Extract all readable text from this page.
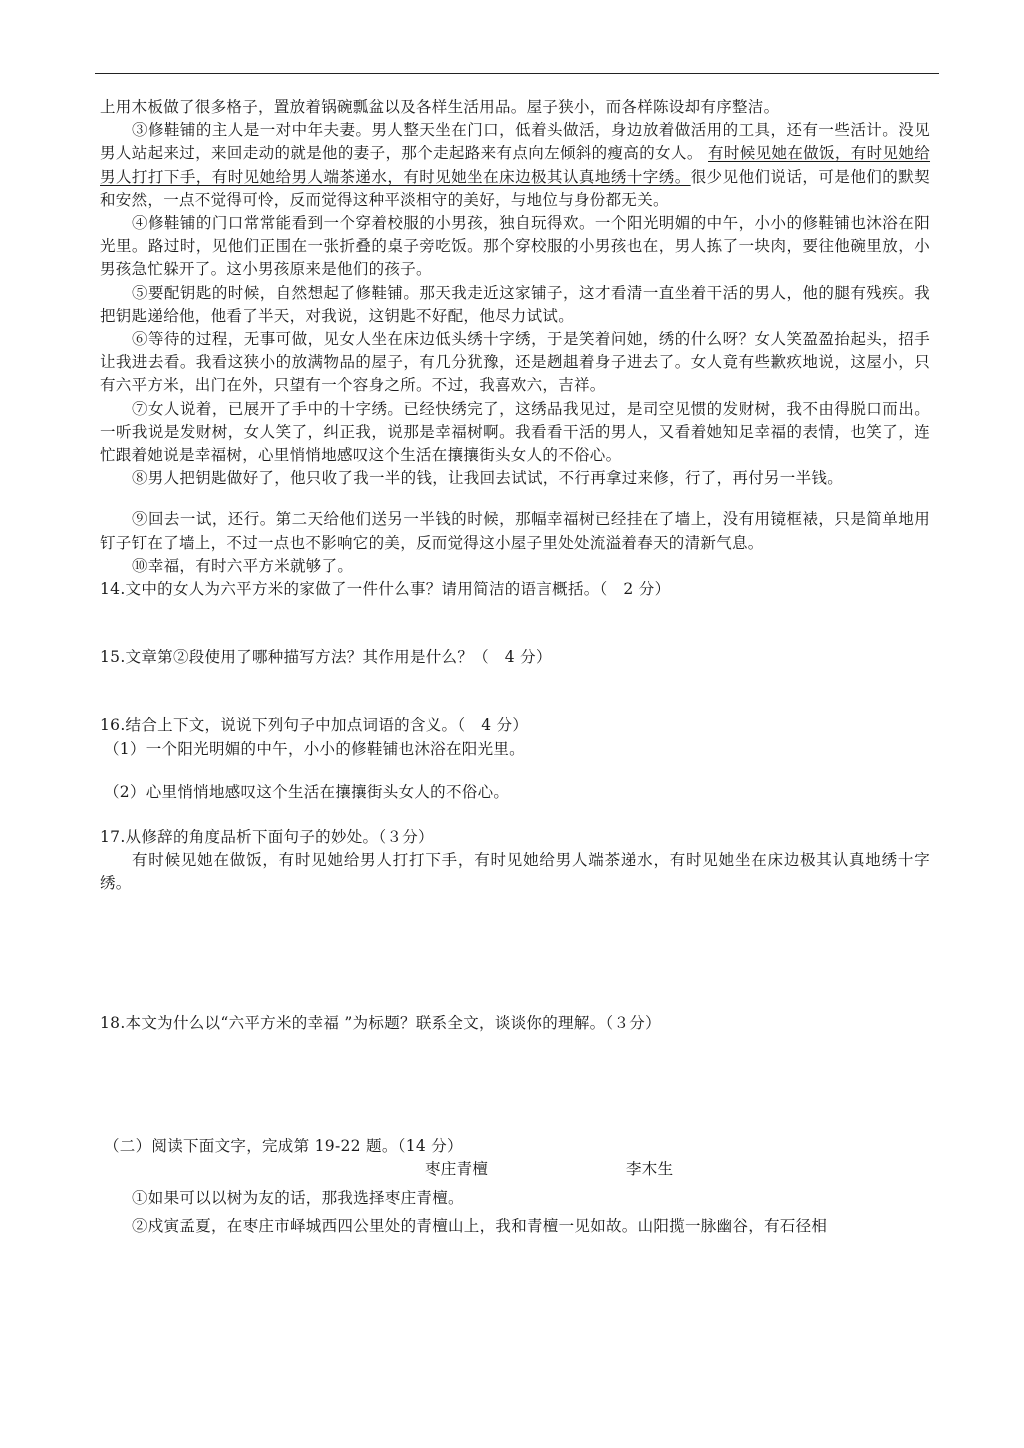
上用木板做了很多格子，置放着锅碗瓢盆以及各样生活用品。屋子狭小，而各样陈设却有序整洁。

③修鞋铺的主人是一对中年夫妻。男人整天坐在门口，低着头做活，身边放着做活用的工具，还有一些活计。没见男人站起来过，来回走动的就是他的妻子，那个走起路来有点向左倾斜的瘦高的女人。 有时候见她在做饭，有时见她给男人打打下手，有时见她给男人端茶递水，有时见她坐在床边极其认真地绣十字绣。很少见他们说话，可是他们的默契和安然，一点不觉得可怜，反而觉得这种平淡相守的美好，与地位与身份都无关。

④修鞋铺的门口常常能看到一个穿着校服的小男孩，独自玩得欢。一个阳光明媚的中午，小小的修鞋铺也沐浴在阳光里。路过时，见他们正围在一张折叠的桌子旁吃饭。那个穿校服的小男孩也在，男人拣了一块肉，要往他碗里放，小男孩急忙躲开了。这小男孩原来是他们的孩子。

⑤要配钥匙的时候，自然想起了修鞋铺。那天我走近这家铺子，这才看清一直坐着干活的男人，他的腿有残疾。我把钥匙递给他，他看了半天，对我说，这钥匙不好配，他尽力试试。

⑥等待的过程，无事可做，见女人坐在床边低头绣十字绣，于是笑着问她，绣的什么呀？女人笑盈盈抬起头，招手让我进去看。我看这狭小的放满物品的屋子，有几分犹豫，还是趔趄着身子进去了。女人竟有些歉疚地说，这屋小，只有六平方米，出门在外，只望有一个容身之所。不过，我喜欢六，吉祥。

⑦女人说着，已展开了手中的十字绣。已经快绣完了，这绣品我见过，是司空见惯的发财树，我不由得脱口而出。一听我说是发财树，女人笑了，纠正我，说那是幸福树啊。我看看干活的男人，又看着她知足幸福的表情，也笑了，连忙跟着她说是幸福树，心里悄悄地感叹这个生活在攘攘街头女人的不俗心。

⑧男人把钥匙做好了，他只收了我一半的钱，让我回去试试，不行再拿过来修，行了，再付另一半钱。

⑨回去一试，还行。第二天给他们送另一半钱的时候，那幅幸福树已经挂在了墙上，没有用镜框裱，只是简单地用钉子钉在了墙上，不过一点也不影响它的美，反而觉得这小屋子里处处流溢着春天的清新气息。

⑩幸福，有时六平方米就够了。

14.文中的女人为六平方米的家做了一件什么事？请用简洁的语言概括。（　2 分）

15.文章第②段使用了哪种描写方法？其作用是什么？（　4 分）

16.结合上下文，说说下列句子中加点词语的含义。（　4 分）

（1）一个阳光明媚的中午，小小的修鞋铺也沐浴在阳光里。

（2）心里悄悄地感叹这个生活在攘攘街头女人的不俗心。

17.从修辞的角度品析下面句子的妙处。（３分）

有时候见她在做饭，有时见她给男人打打下手，有时见她给男人端茶递水，有时见她坐在床边极其认真地绣十字绣。

18.本文为什么以“六平方米的幸福 ”为标题？联系全文，谈谈你的理解。（３分）

（二）阅读下面文字，完成第 19-22 题。（14 分）

枣庄青檀	李木生

①如果可以以树为友的话，那我选择枣庄青檀。

②戍寅孟夏，在枣庄市峄城西四公里处的青檀山上，我和青檀一见如故。山阳揽一脉幽谷，有石径相
